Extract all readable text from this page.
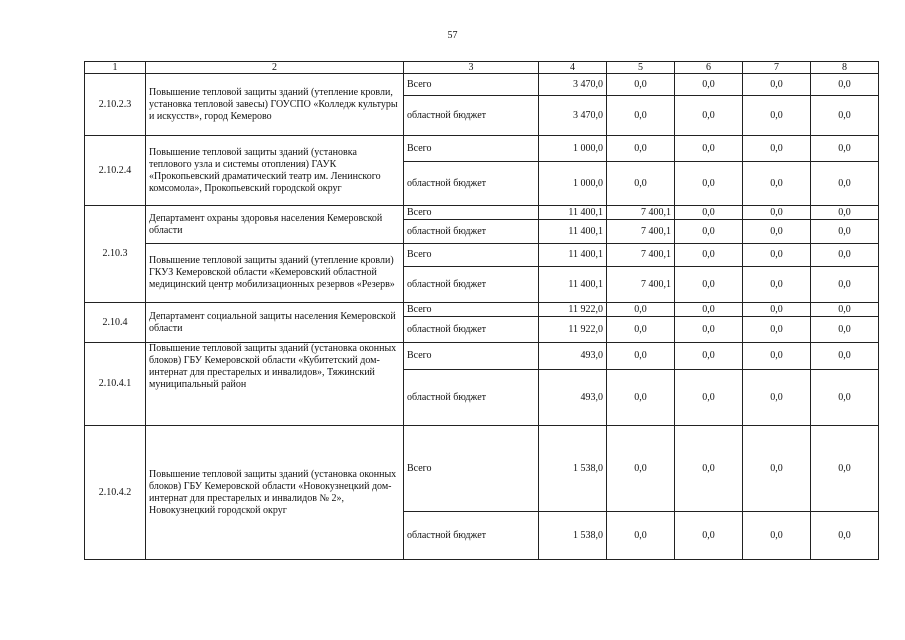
57
1	2	3	4	5	6	7	8
2.10.2.3	Повышение тепловой защиты зданий (утепление кровли, установка тепловой завесы) ГОУСПО «Колледж культуры и искусств», город Кемерово	Всего	3 470,0	0,0	0,0	0,0	0,0
		областной бюджет	3 470,0	0,0	0,0	0,0	0,0
2.10.2.4	Повышение тепловой защиты зданий (установка теплового узла и системы отопления) ГАУК «Прокопьевский драматический театр им. Ленинского комсомола», Прокопьевский городской округ	Всего	1 000,0	0,0	0,0	0,0	0,0
		областной бюджет	1 000,0	0,0	0,0	0,0	0,0
2.10.3	Департамент охраны здоровья населения Кемеровской области	Всего	11 400,1	7 400,1	0,0	0,0	0,0
		областной бюджет	11 400,1	7 400,1	0,0	0,0	0,0
	Повышение тепловой защиты зданий (утепление кровли) ГКУЗ Кемеровской области «Кемеровский областной медицинский центр мобилизационных резервов «Резерв»	Всего	11 400,1	7 400,1	0,0	0,0	0,0
		областной бюджет	11 400,1	7 400,1	0,0	0,0	0,0
2.10.4	Департамент социальной защиты населения Кемеровской области	Всего	11 922,0	0,0	0,0	0,0	0,0
		областной бюджет	11 922,0	0,0	0,0	0,0	0,0
2.10.4.1	Повышение тепловой защиты зданий (установка оконных блоков) ГБУ Кемеровской области «Кубитетский дом-интернат для престарелых и инвалидов», Тяжинский муниципальный район	Всего	493,0	0,0	0,0	0,0	0,0
		областной бюджет	493,0	0,0	0,0	0,0	0,0
2.10.4.2	Повышение тепловой защиты зданий (установка оконных блоков) ГБУ Кемеровской области «Новокузнецкий дом-интернат для престарелых и инвалидов № 2», Новокузнецкий городской округ	Всего	1 538,0	0,0	0,0	0,0	0,0
		областной бюджет	1 538,0	0,0	0,0	0,0	0,0
